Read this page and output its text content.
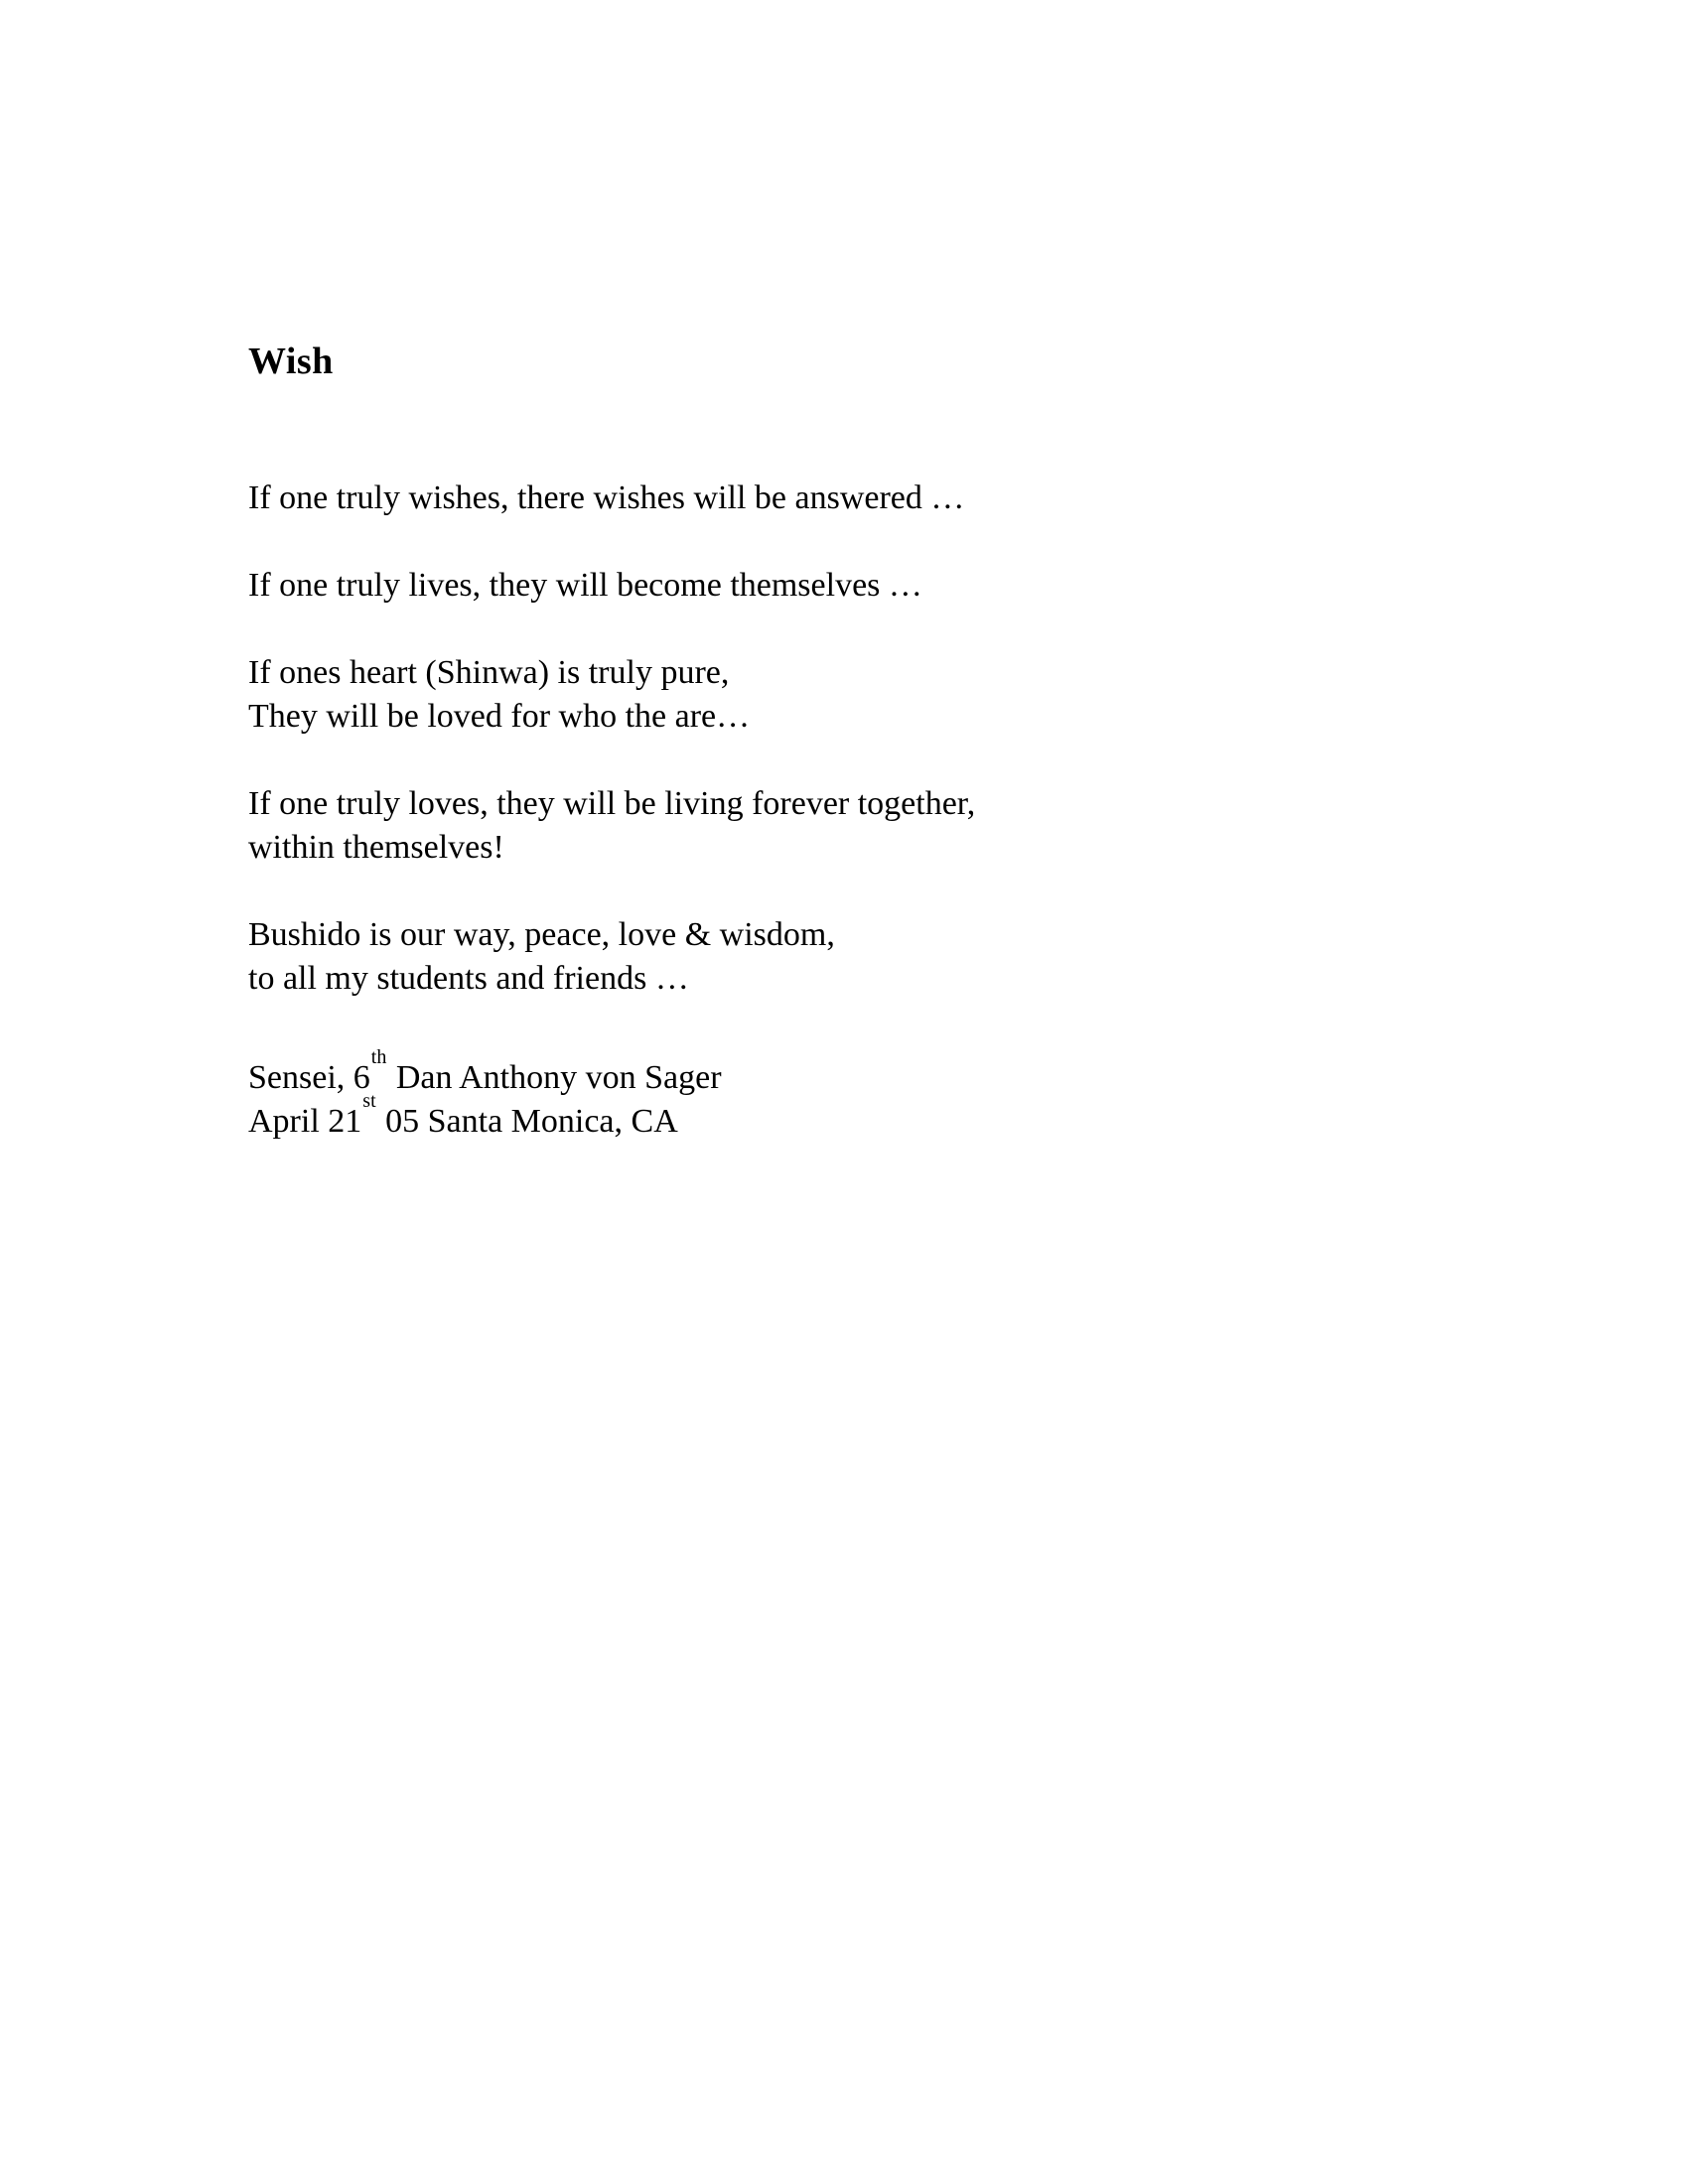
Wish
If one truly wishes, there wishes will be answered …
If one truly lives, they will become themselves …
If ones heart (Shinwa) is truly pure,
They will be loved for who the are…
If one truly loves, they will be living forever together,
within themselves!
Bushido is our way, peace, love & wisdom,
to all my students and friends …
Sensei, 6th Dan Anthony von Sager
April 21st 05 Santa Monica, CA
